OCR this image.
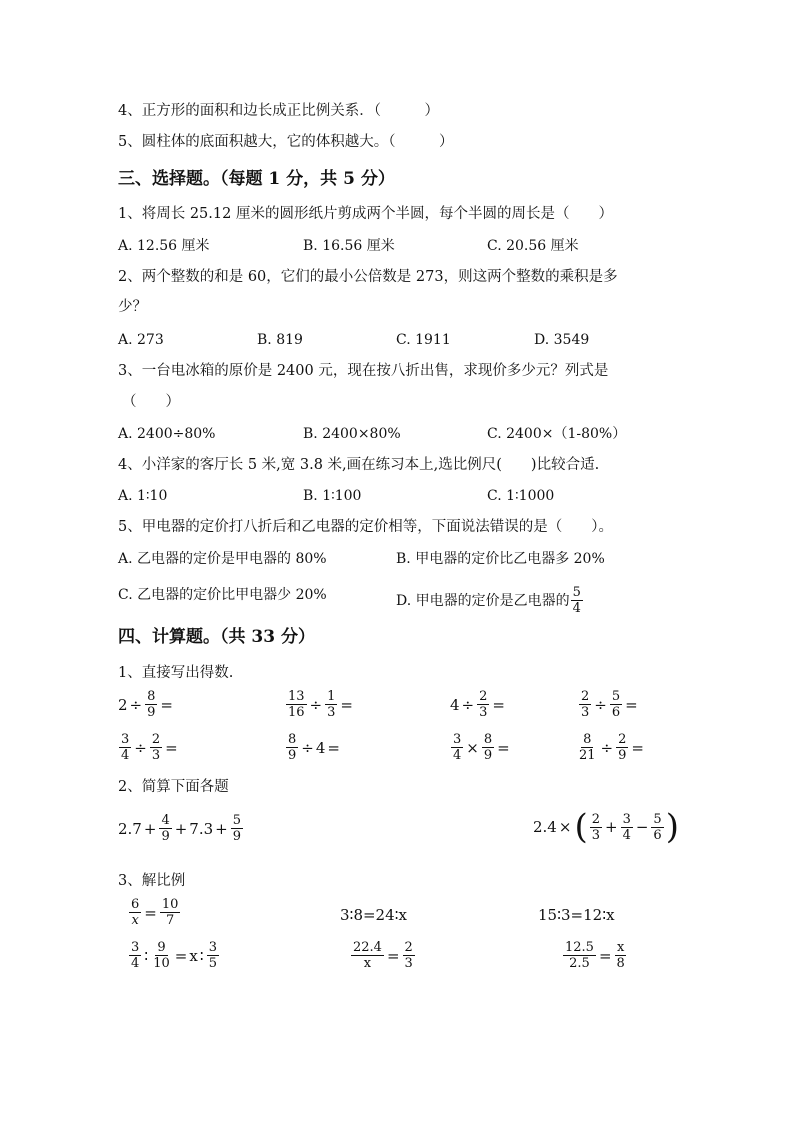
4、正方形的面积和边长成正比例关系．（　　　）
5、圆柱体的底面积越大，它的体积越大。（　　　）
三、选择题。（每题 1 分，共 5 分）
1、将周长 25.12 厘米的圆形纸片剪成两个半圆，每个半圆的周长是（　　）
A. 12.56 厘米	B. 16.56 厘米	C. 20.56 厘米
2、两个整数的和是 60，它们的最小公倍数是 273，则这两个整数的乘积是多
少？
A. 273	B. 819	C. 1911	D. 3549
3、一台电冰箱的原价是 2400 元，现在按八折出售，求现价多少元？列式是
（　　）
A. 2400÷80%	B. 2400×80%	C. 2400×（1-80%）
4、小洋家的客厅长 5 米,宽 3.8 米,画在练习本上,选比例尺(　　)比较合适.
A. 1∶10	B. 1∶100	C. 1∶1000
5、甲电器的定价打八折后和乙电器的定价相等，下面说法错误的是（　　）。
A. 乙电器的定价是甲电器的 80%	B. 甲电器的定价比乙电器多 20%
C. 乙电器的定价比甲电器少 20%	D. 甲电器的定价是乙电器的 $\frac{5}{4}$
四、计算题。（共 33 分）
1、直接写出得数.
$2 \div \frac{8}{9}$ =	$\frac{13}{16} \div \frac{1}{3}$ =	$4 \div \frac{2}{3}$ =	$\frac{2}{3} \div \frac{5}{6}$ =
$\frac{3}{4} \div \frac{2}{3}$ =	$\frac{8}{9} \div 4$ =	$\frac{3}{4} \times \frac{8}{9}$ =	$\frac{8}{21} \div \frac{2}{9}$ =
2、简算下面各题
$2.7 + \frac{4}{9} + 7.3 + \frac{5}{9}$	2.4 × ( $\frac{2}{3} + \frac{3}{4} - \frac{5}{6}$ )
3、解比例
$\frac{6}{x} = \frac{10}{7}$	3∶8=24∶x	15∶3=12∶x
$\frac{3}{4}$ ∶ $\frac{9}{10} = x$ ∶ $\frac{3}{5}$	$\frac{22.4}{x} = \frac{2}{3}$	$\frac{12.5}{2.5} = \frac{x}{8}$
